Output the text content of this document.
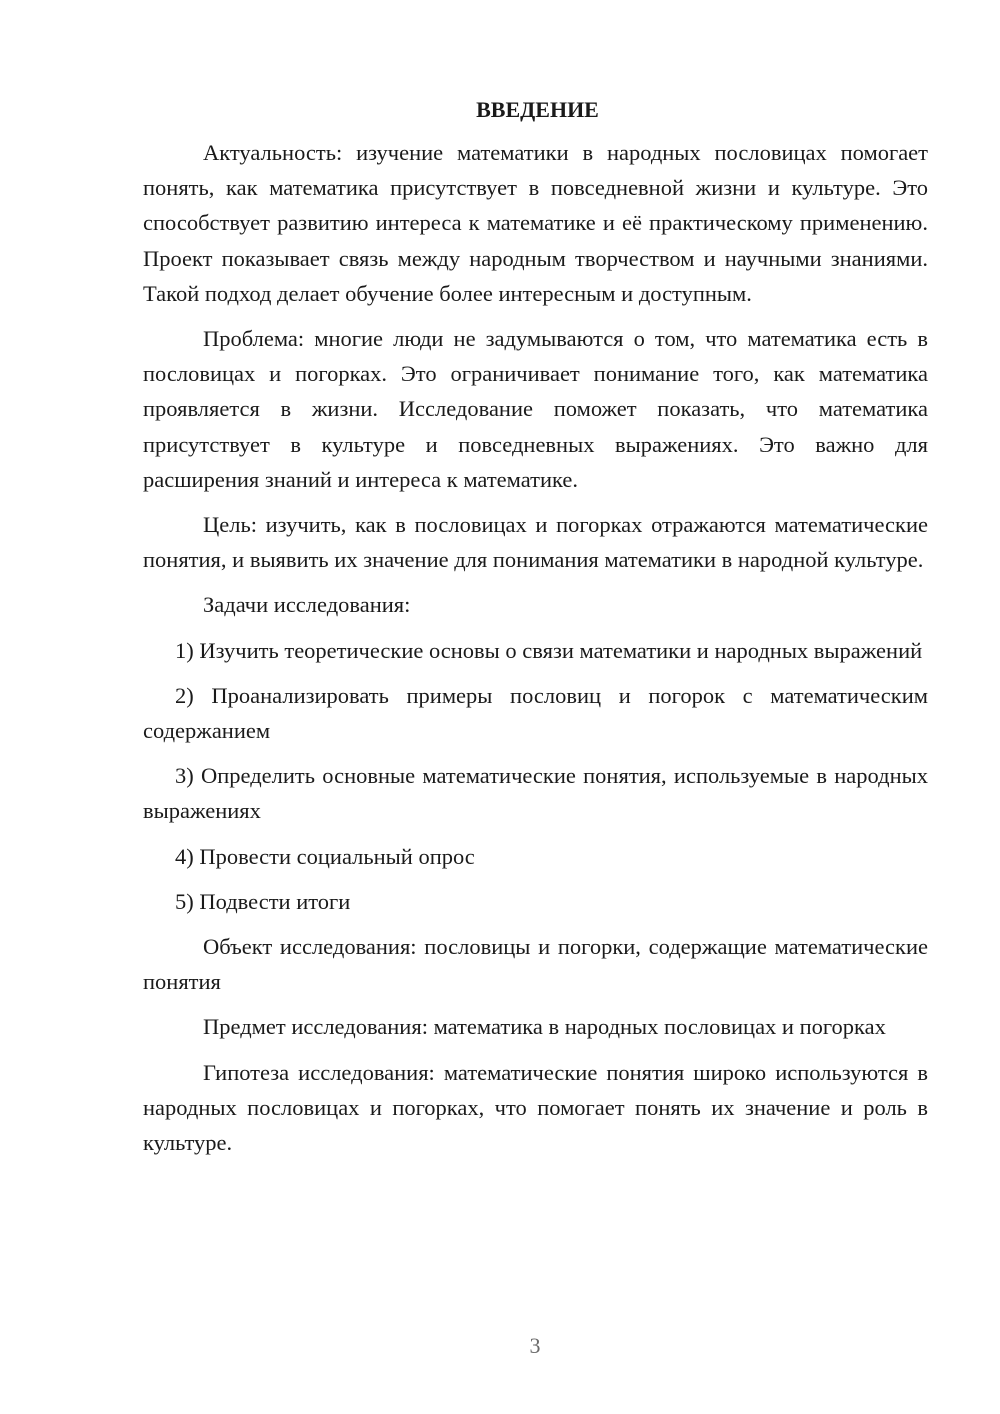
ВВЕДЕНИЕ

Актуальность: изучение математики в народных пословицах помогает понять, как математика присутствует в повседневной жизни и культуре. Это способствует развитию интереса к математике и её практическому применению. Проект показывает связь между народным творчеством и научными знаниями. Такой подход делает обучение более интересным и доступным.

Проблема: многие люди не задумываются о том, что математика есть в пословицах и погорках. Это ограничивает понимание того, как математика проявляется в жизни. Исследование поможет показать, что математика присутствует в культуре и повседневных выражениях. Это важно для расширения знаний и интереса к математике.

Цель: изучить, как в пословицах и погорках отражаются математические понятия, и выявить их значение для понимания математики в народной культуре.

Задачи исследования:

1) Изучить теоретические основы о связи математики и народных выражений

2) Проанализировать примеры пословиц и погорок с математическим содержанием

3) Определить основные математические понятия, используемые в народных выражениях

4) Провести социальный опрос

5) Подвести итоги

Объект исследования: пословицы и погорки, содержащие математические понятия

Предмет исследования: математика в народных пословицах и погорках

Гипотеза исследования: математические понятия широко используются в народных пословицах и погорках, что помогает понять их значение и роль в культуре.

3
